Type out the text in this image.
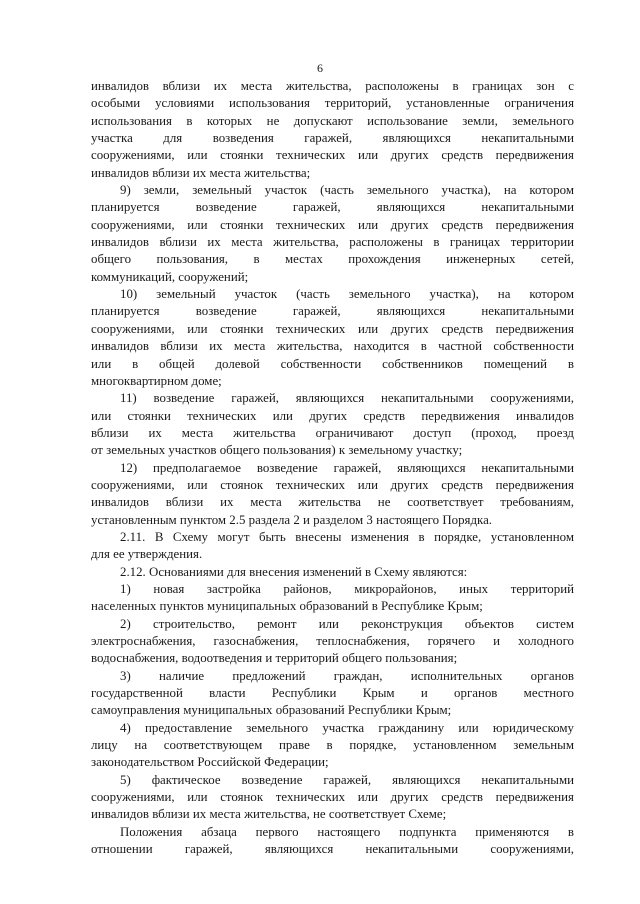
6
инвалидов вблизи их места жительства, расположены в границах зон с
особыми условиями использования территорий, установленные ограничения
использования в которых не допускают использование земли, земельного
участка для возведения гаражей, являющихся некапитальными
сооружениями, или стоянки технических или других средств передвижения
инвалидов вблизи их места жительства;
9) земли, земельный участок (часть земельного участка), на котором
планируется возведение гаражей, являющихся некапитальными
сооружениями, или стоянки технических или других средств передвижения
инвалидов вблизи их места жительства, расположены в границах территории
общего пользования, в местах прохождения инженерных сетей,
коммуникаций, сооружений;
10) земельный участок (часть земельного участка), на котором
планируется возведение гаражей, являющихся некапитальными
сооружениями, или стоянки технических или других средств передвижения
инвалидов вблизи их места жительства, находится в частной собственности
или в общей долевой собственности собственников помещений в
многоквартирном доме;
11) возведение гаражей, являющихся некапитальными сооружениями,
или стоянки технических или других средств передвижения инвалидов
вблизи их места жительства ограничивают доступ (проход, проезд
от земельных участков общего пользования) к земельному участку;
12) предполагаемое возведение гаражей, являющихся некапитальными
сооружениями, или стоянок технических или других средств передвижения
инвалидов вблизи их места жительства не соответствует требованиям,
установленным пунктом 2.5 раздела 2 и разделом 3 настоящего Порядка.
2.11. В Схему могут быть внесены изменения в порядке, установленном
для ее утверждения.
2.12. Основаниями для внесения изменений в Схему являются:
1) новая застройка районов, микрорайонов, иных территорий
населенных пунктов муниципальных образований в Республике Крым;
2) строительство, ремонт или реконструкция объектов систем
электроснабжения, газоснабжения, теплоснабжения, горячего и холодного
водоснабжения, водоотведения и территорий общего пользования;
3) наличие предложений граждан, исполнительных органов
государственной власти Республики Крым и органов местного
самоуправления муниципальных образований Республики Крым;
4) предоставление земельного участка гражданину или юридическому
лицу на соответствующем праве в порядке, установленном земельным
законодательством Российской Федерации;
5) фактическое возведение гаражей, являющихся некапитальными
сооружениями, или стоянок технических или других средств передвижения
инвалидов вблизи их места жительства, не соответствует Схеме;
Положения абзаца первого настоящего подпункта применяются в
отношении гаражей, являющихся некапитальными сооружениями,
